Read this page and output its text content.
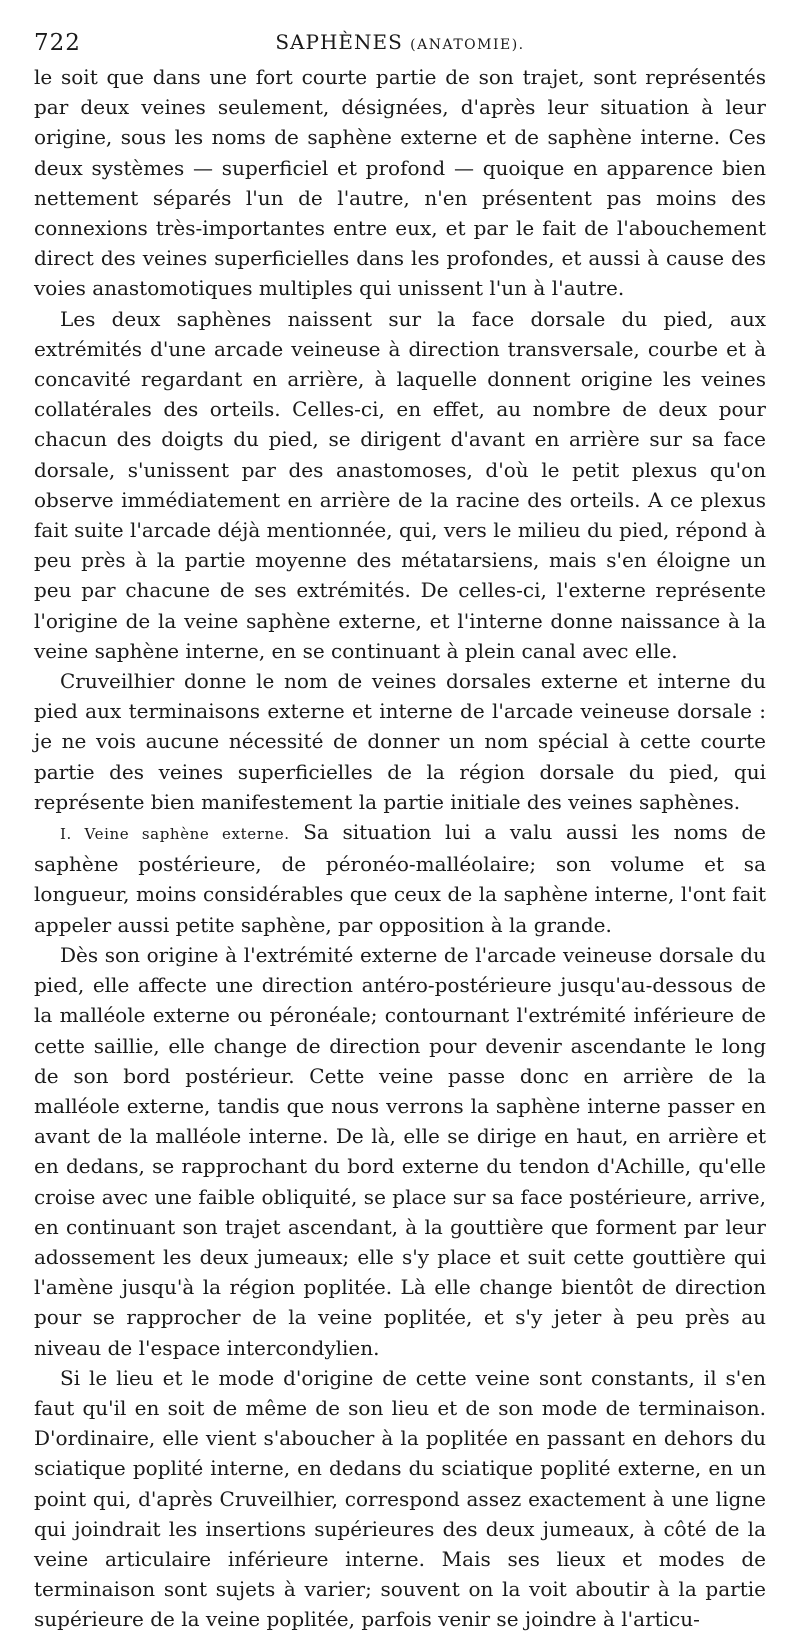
722	SAPHÈNES (ANATOMIE).

le soit que dans une fort courte partie de son trajet, sont représentés par deux veines seulement, désignées, d'après leur situation à leur origine, sous les noms de saphène externe et de saphène interne. Ces deux systèmes — superficiel et profond — quoique en apparence bien nettement séparés l'un de l'autre, n'en présentent pas moins des connexions très-importantes entre eux, et par le fait de l'abouchement direct des veines superficielles dans les profondes, et aussi à cause des voies anastomotiques multiples qui unissent l'un à l'autre.

Les deux saphènes naissent sur la face dorsale du pied, aux extrémités d'une arcade veineuse à direction transversale, courbe et à concavité regardant en arrière, à laquelle donnent origine les veines collatérales des orteils. Celles-ci, en effet, au nombre de deux pour chacun des doigts du pied, se dirigent d'avant en arrière sur sa face dorsale, s'unissent par des anastomoses, d'où le petit plexus qu'on observe immédiatement en arrière de la racine des orteils. A ce plexus fait suite l'arcade déjà mentionnée, qui, vers le milieu du pied, répond à peu près à la partie moyenne des métatarsiens, mais s'en éloigne un peu par chacune de ses extrémités. De celles-ci, l'externe représente l'origine de la veine saphène externe, et l'interne donne naissance à la veine saphène interne, en se continuant à plein canal avec elle.

Cruveilhier donne le nom de veines dorsales externe et interne du pied aux terminaisons externe et interne de l'arcade veineuse dorsale : je ne vois aucune nécessité de donner un nom spécial à cette courte partie des veines superficielles de la région dorsale du pied, qui représente bien manifestement la partie initiale des veines saphènes.

I. Veine saphène externe. Sa situation lui a valu aussi les noms de saphène postérieure, de péronéo-malléolaire; son volume et sa longueur, moins considérables que ceux de la saphène interne, l'ont fait appeler aussi petite saphène, par opposition à la grande.

Dès son origine à l'extrémité externe de l'arcade veineuse dorsale du pied, elle affecte une direction antéro-postérieure jusqu'au-dessous de la malléole externe ou péronéale; contournant l'extrémité inférieure de cette saillie, elle change de direction pour devenir ascendante le long de son bord postérieur. Cette veine passe donc en arrière de la malléole externe, tandis que nous verrons la saphène interne passer en avant de la malléole interne. De là, elle se dirige en haut, en arrière et en dedans, se rapprochant du bord externe du tendon d'Achille, qu'elle croise avec une faible obliquité, se place sur sa face postérieure, arrive, en continuant son trajet ascendant, à la gouttière que forment par leur adossement les deux jumeaux; elle s'y place et suit cette gouttière qui l'amène jusqu'à la région poplitée. Là elle change bientôt de direction pour se rapprocher de la veine poplitée, et s'y jeter à peu près au niveau de l'espace intercondylien.

Si le lieu et le mode d'origine de cette veine sont constants, il s'en faut qu'il en soit de même de son lieu et de son mode de terminaison. D'ordinaire, elle vient s'aboucher à la poplitée en passant en dehors du sciatique poplité interne, en dedans du sciatique poplité externe, en un point qui, d'après Cruveilhier, correspond assez exactement à une ligne qui joindrait les insertions supérieures des deux jumeaux, à côté de la veine articulaire inférieure interne. Mais ses lieux et modes de terminaison sont sujets à varier; souvent on la voit aboutir à la partie supérieure de la veine poplitée, parfois venir se joindre à l'articu-
